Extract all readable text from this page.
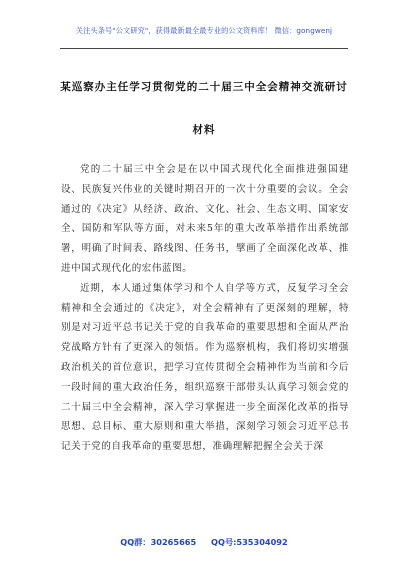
关注头条号"公文研究"，获得最新最全最专业的公文资料库！ 微信：gongwenj
某巡察办主任学习贯彻党的二十届三中全会精神交流研讨
材料

党的二十届三中全会是在以中国式现代化全面推进强国建设、民族复兴伟业的关键时期召开的一次十分重要的会议。全会通过的《决定》从经济、政治、文化、社会、生态文明、国家安全、国防和军队等方面，对未来5年的重大改革举措作出系统部署，明确了时间表、路线图、任务书，擘画了全面深化改革、推进中国式现代化的宏伟蓝图。

近期，本人通过集体学习和个人自学等方式，反复学习全会精神和全会通过的《决定》，对全会精神有了更深刻的理解，特别是对习近平总书记关于党的自我革命的重要思想和全面从严治党战略方针有了更深入的领悟。作为巡察机构，我们将切实增强政治机关的首位意识，把学习宣传贯彻全会精神作为当前和今后一段时间的重大政治任务，组织巡察干部带头认真学习领会党的二十届三中全会精神，深入学习掌握进一步全面深化改革的指导思想、总目标、重大原则和重大举措，深刻学习领会习近平总书记关于党的自我革命的重要思想，准确理解把握全会关于深

QQ群：30265665 QQ号:535304092
